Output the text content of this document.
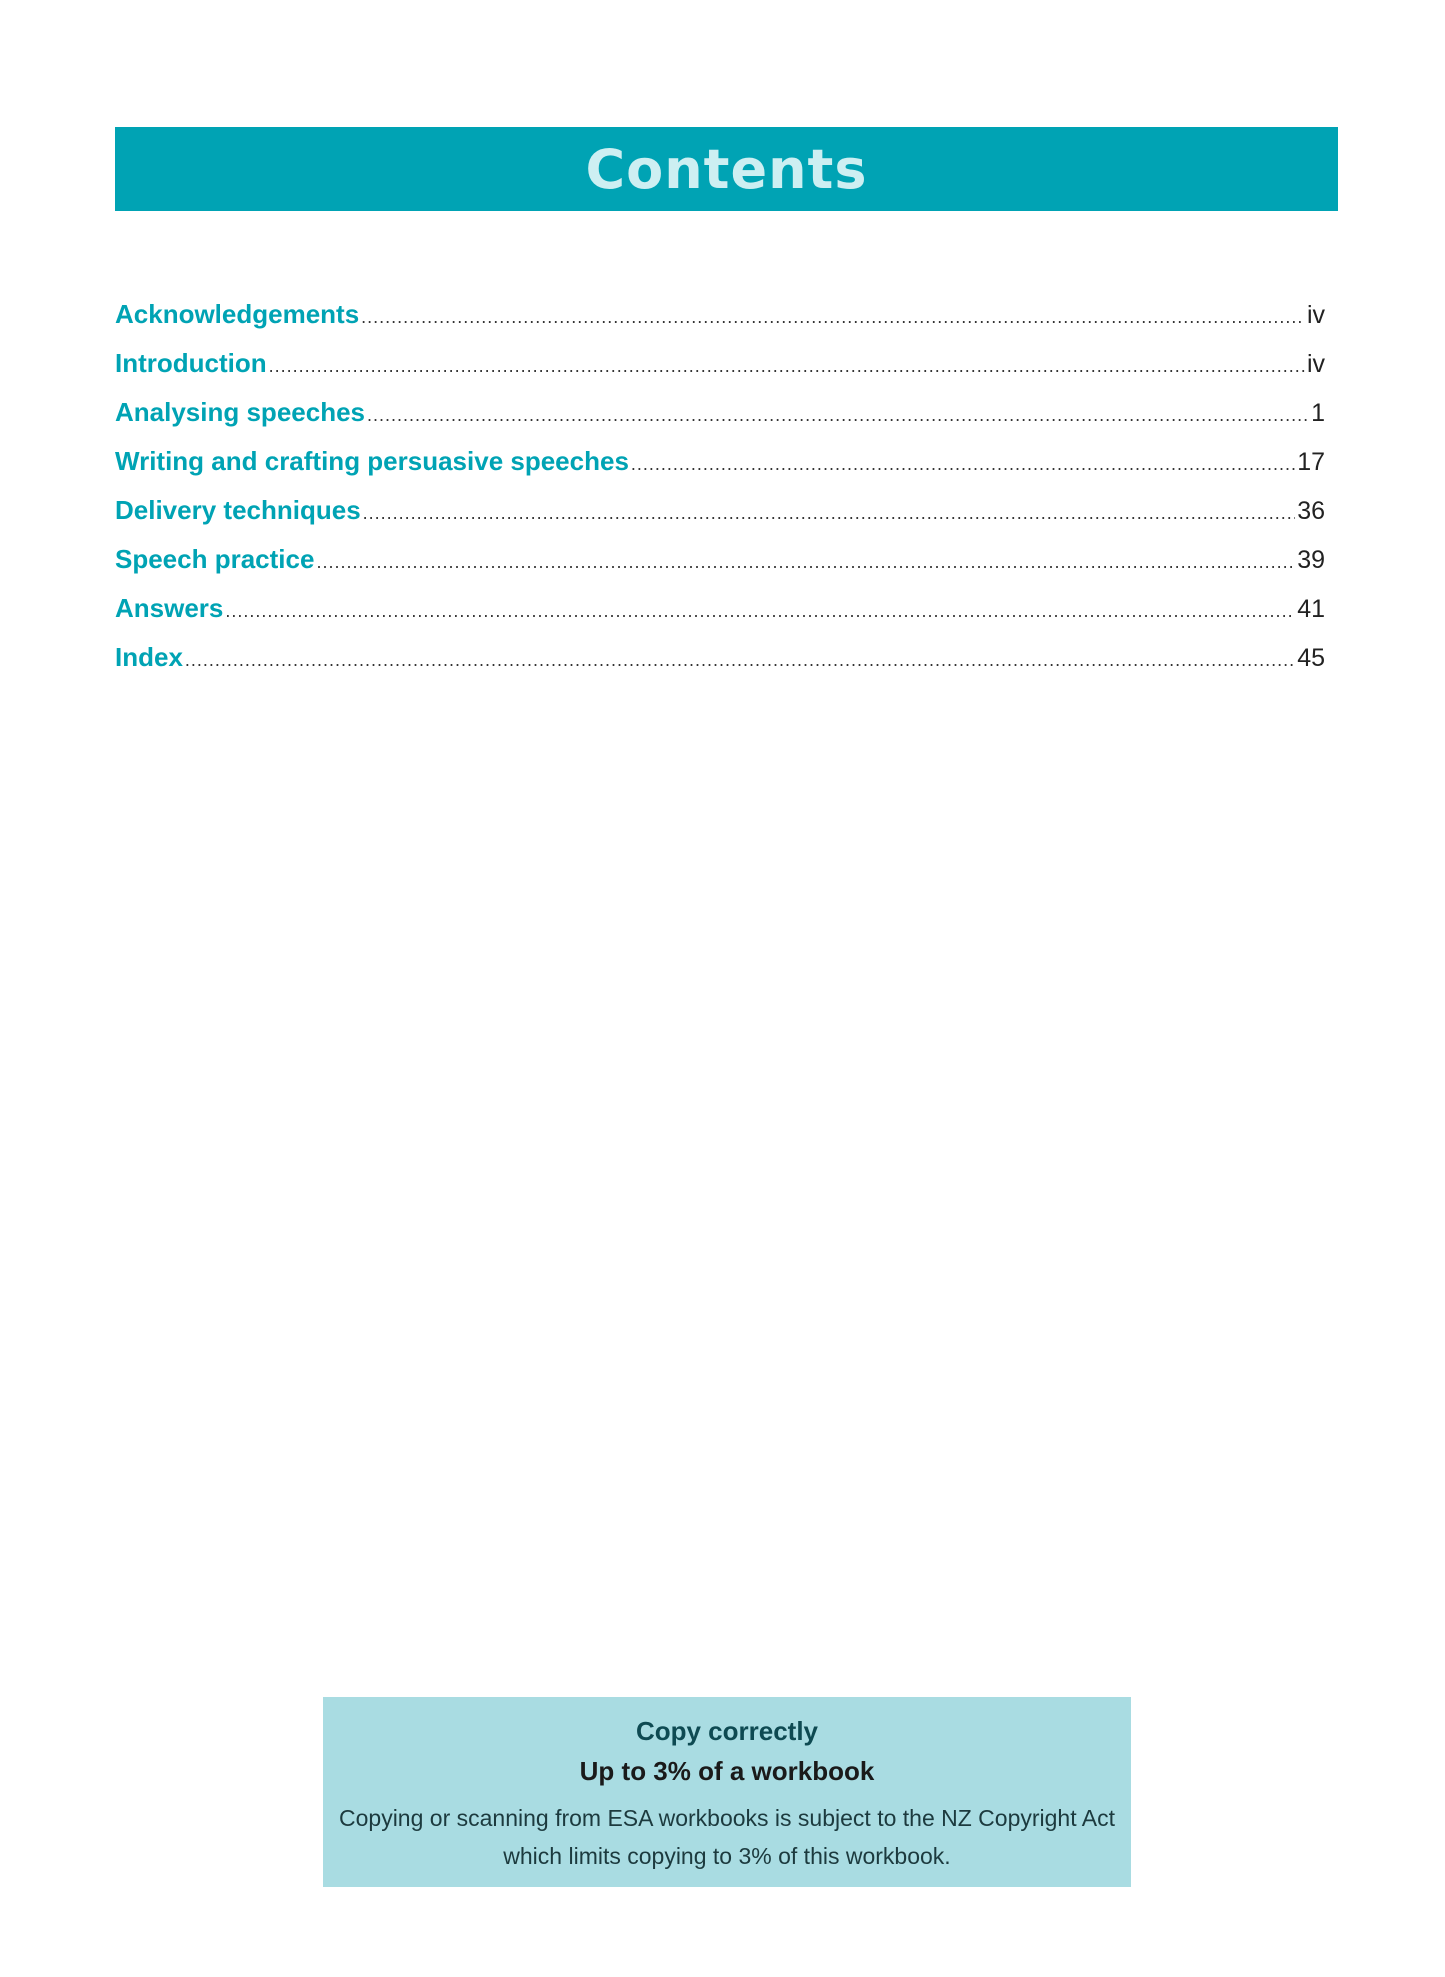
Contents
Acknowledgements .....	iv
Introduction .....	iv
Analysing speeches .....	1
Writing and crafting persuasive speeches .....	17
Delivery techniques .....	36
Speech practice .....	39
Answers .....	41
Index .....	45
Copy correctly
Up to 3% of a workbook
Copying or scanning from ESA workbooks is subject to the NZ Copyright Act
which limits copying to 3% of this workbook.
